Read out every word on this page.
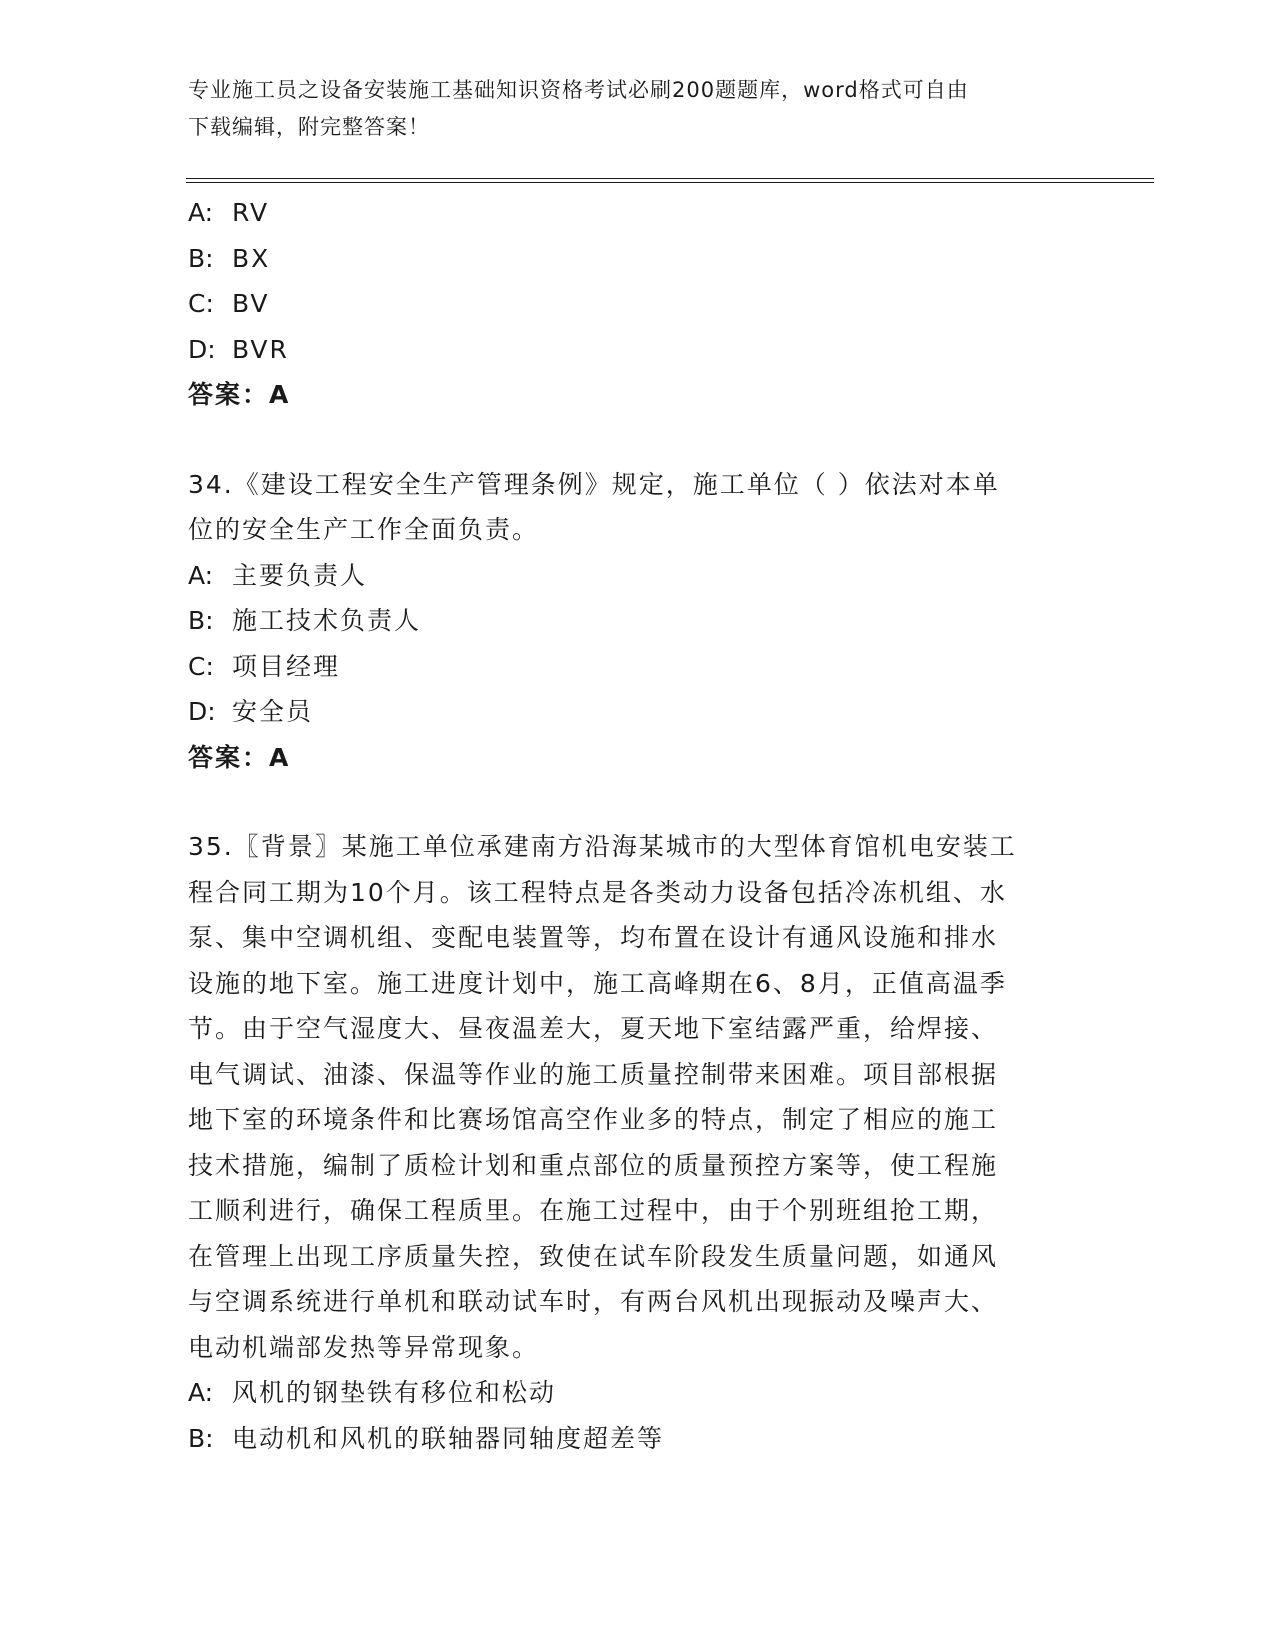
专业施工员之设备安装施工基础知识资格考试必刷200题题库，word格式可自由
下载编辑，附完整答案！
A: RV
B: BX
C: BV
D: BVR
答案：A
34.《建设工程安全生产管理条例》规定，施工单位（ ）依法对本单
位的安全生产工作全面负责。
A: 主要负责人
B: 施工技术负责人
C: 项目经理
D: 安全员
答案：A
35.〖背景〗某施工单位承建南方沿海某城市的大型体育馆机电安装工
程合同工期为10个月。该工程特点是各类动力设备包括冷冻机组、水
泵、集中空调机组、变配电装置等，均布置在设计有通风设施和排水
设施的地下室。施工进度计划中，施工高峰期在6、8月，正值高温季
节。由于空气湿度大、昼夜温差大，夏天地下室结露严重，给焊接、
电气调试、油漆、保温等作业的施工质量控制带来困难。项目部根据
地下室的环境条件和比赛场馆高空作业多的特点，制定了相应的施工
技术措施，编制了质检计划和重点部位的质量预控方案等，使工程施
工顺利进行，确保工程质里。在施工过程中，由于个别班组抢工期，
在管理上出现工序质量失控，致使在试车阶段发生质量问题，如通风
与空调系统进行单机和联动试车时，有两台风机出现振动及噪声大、
电动机端部发热等异常现象。
A: 风机的钢垫铁有移位和松动
B: 电动机和风机的联轴器同轴度超差等
